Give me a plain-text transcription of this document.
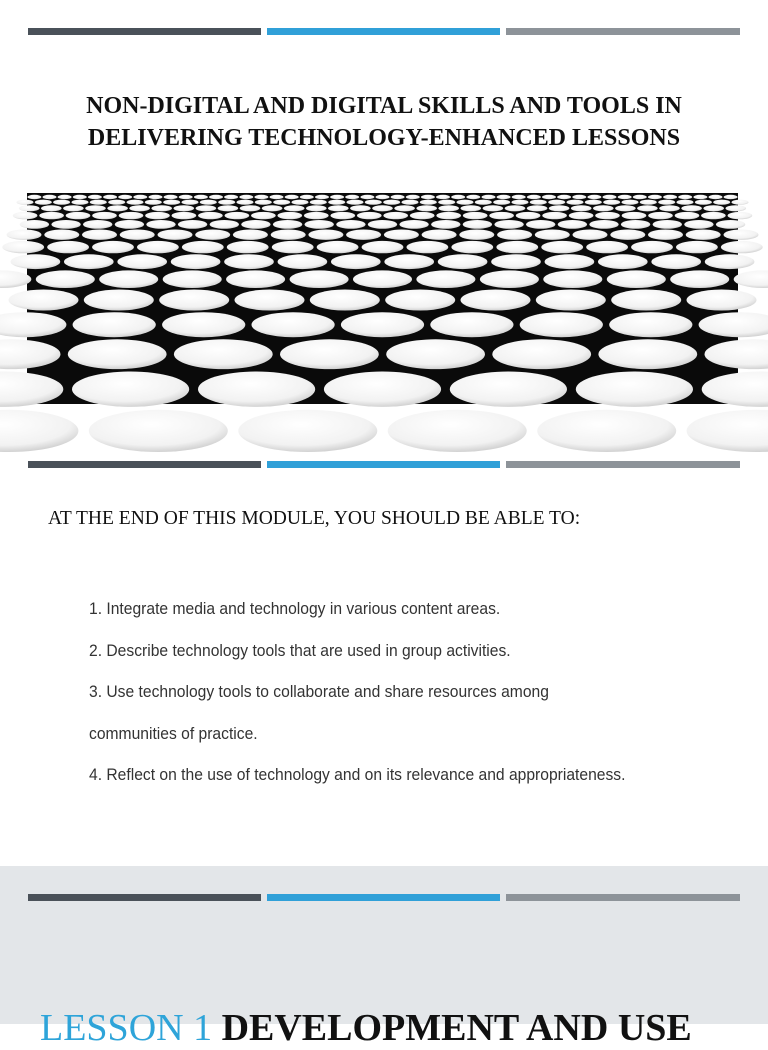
NON-DIGITAL AND DIGITAL SKILLS AND TOOLS IN
DELIVERING TECHNOLOGY-ENHANCED LESSONS
AT THE END OF THIS MODULE, YOU SHOULD BE ABLE TO:
1. Integrate media and technology in various content areas.
2. Describe technology tools that are used in group activities.
3. Use technology tools to collaborate and share resources among
communities of practice.
4. Reflect on the use of technology and on its relevance and appropriateness.
LESSON 1 DEVELOPMENT AND USE
